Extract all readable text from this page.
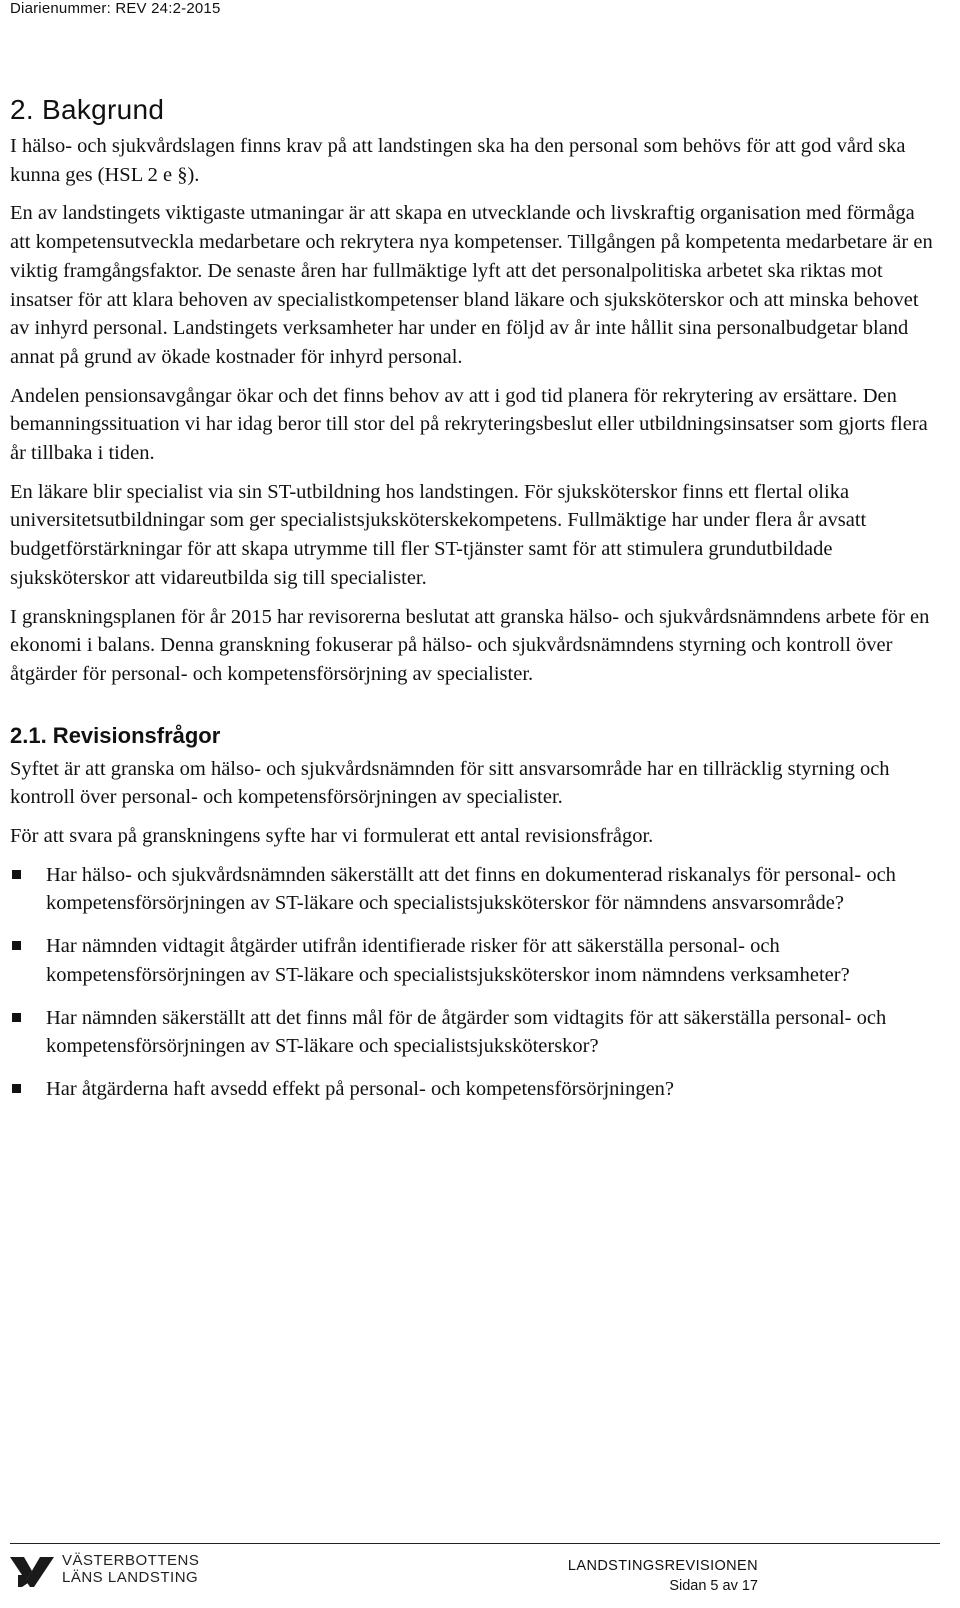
Diarienummer: REV 24:2-2015
2. Bakgrund

I hälso- och sjukvårdslagen finns krav på att landstingen ska ha den personal som behövs för att god vård ska kunna ges (HSL 2 e §).

En av landstingets viktigaste utmaningar är att skapa en utvecklande och livskraftig organisation med förmåga att kompetensutveckla medarbetare och rekrytera nya kompetenser. Tillgången på kompetenta medarbetare är en viktig framgångsfaktor. De senaste åren har fullmäktige lyft att det personalpolitiska arbetet ska riktas mot insatser för att klara behoven av specialistkompetenser bland läkare och sjuksköterskor och att minska behovet av inhyrd personal. Landstingets verksamheter har under en följd av år inte hållit sina personalbudgetar bland annat på grund av ökade kostnader för inhyrd personal.

Andelen pensionsavgångar ökar och det finns behov av att i god tid planera för rekrytering av ersättare. Den bemanningssituation vi har idag beror till stor del på rekryteringsbeslut eller utbildningsinsatser som gjorts flera år tillbaka i tiden.

En läkare blir specialist via sin ST-utbildning hos landstingen. För sjuksköterskor finns ett flertal olika universitetsutbildningar som ger specialistsjuksköterskekompetens. Fullmäktige har under flera år avsatt budgetförstärkningar för att skapa utrymme till fler ST-tjänster samt för att stimulera grundutbildade sjuksköterskor att vidareutbilda sig till specialister.

I granskningsplanen för år 2015 har revisorerna beslutat att granska hälso- och sjukvårdsnämndens arbete för en ekonomi i balans. Denna granskning fokuserar på hälso- och sjukvårdsnämndens styrning och kontroll över åtgärder för personal- och kompetensförsörjning av specialister.

2.1. Revisionsfrågor

Syftet är att granska om hälso- och sjukvårdsnämnden för sitt ansvarsområde har en tillräcklig styrning och kontroll över personal- och kompetensförsörjningen av specialister.

För att svara på granskningens syfte har vi formulerat ett antal revisionsfrågor.

Har hälso- och sjukvårdsnämnden säkerställt att det finns en dokumenterad riskanalys för personal- och kompetensförsörjningen av ST-läkare och specialistsjuksköterskor för nämndens ansvarsområde?

Har nämnden vidtagit åtgärder utifrån identifierade risker för att säkerställa personal- och kompetensförsörjningen av ST-läkare och specialistsjuksköterskor inom nämndens verksamheter?

Har nämnden säkerställt att det finns mål för de åtgärder som vidtagits för att säkerställa personal- och kompetensförsörjningen av ST-läkare och specialistsjuksköterskor?

Har åtgärderna haft avsedd effekt på personal- och kompetensförsörjningen?

VÄSTERBOTTENS
LÄNS LANDSTING
LANDSTINGSREVISIONEN
Sidan 5 av 17
